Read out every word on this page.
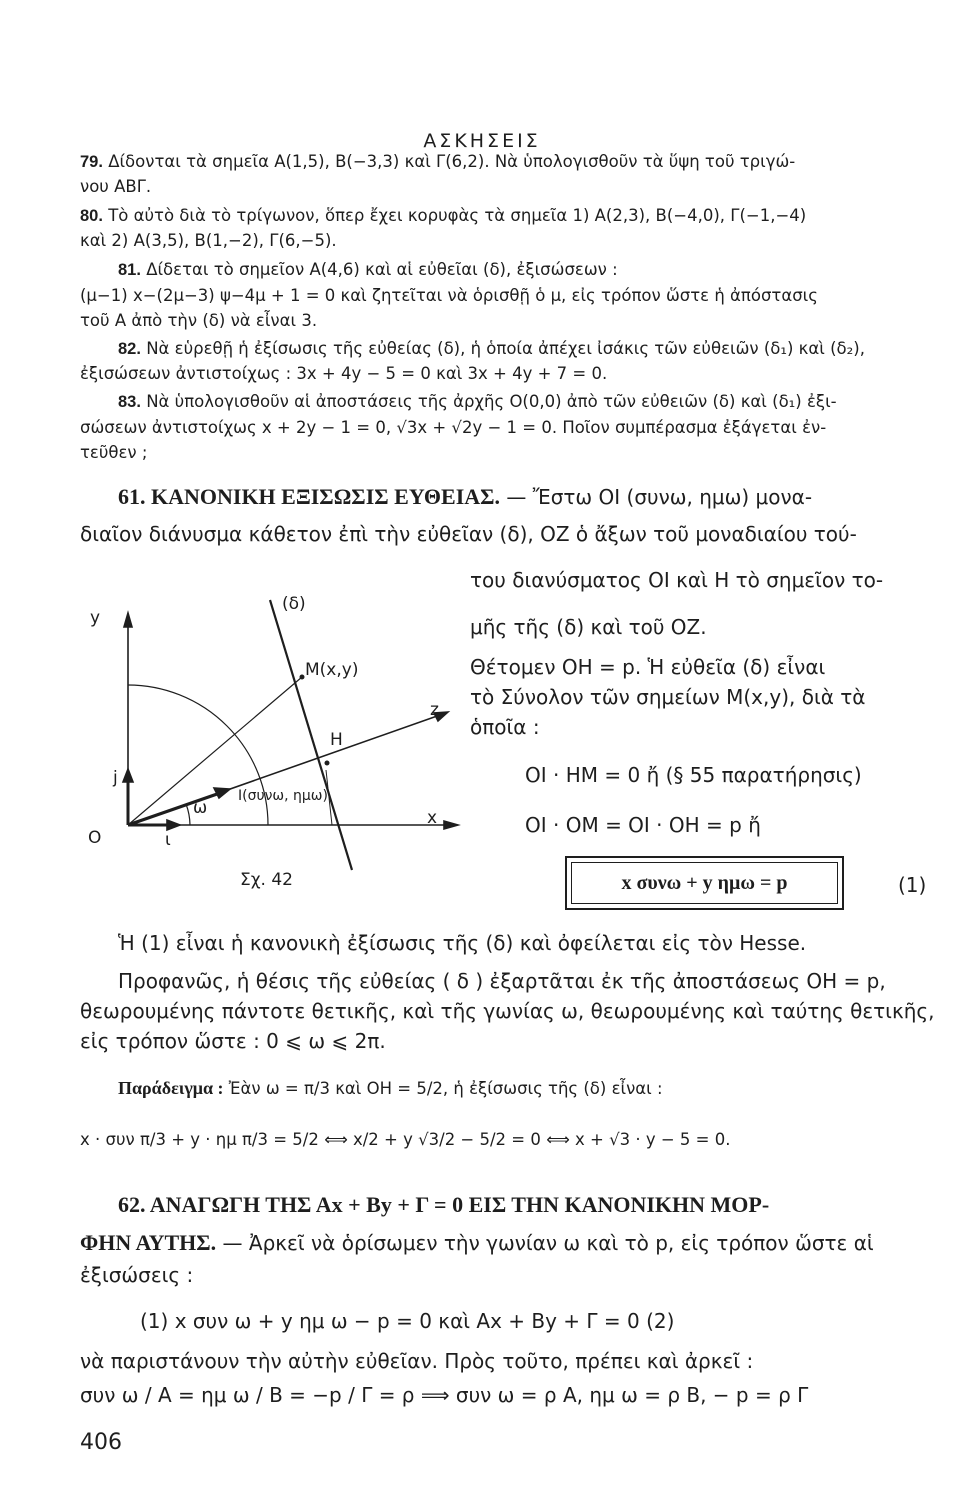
ΑΣΚΗΣΕΙΣ
79. Δίδονται τὰ σημεῖα Α(1,5), Β(−3,3) καὶ Γ(6,2). Νὰ ὑπολογισθοῦν τὰ ὕψη τοῦ τριγώ-
νου ΑΒΓ.
80. Τὸ αὐτὸ διὰ τὸ τρίγωνον, ὅπερ ἔχει κορυφὰς τὰ σημεῖα 1) Α(2,3), Β(−4,0), Γ(−1,−4)
καὶ 2) Α(3,5), Β(1,−2), Γ(6,−5).
81. Δίδεται τὸ σημεῖον Α(4,6) καὶ αἱ εὐθεῖαι (δ), ἐξισώσεων :
(μ−1) x−(2μ−3) ψ−4μ + 1 = 0 καὶ ζητεῖται νὰ ὁρισθῇ ὁ μ, εἰς τρόπον ὥστε ἡ ἀπόστασις
τοῦ Α ἀπὸ τὴν (δ) νὰ εἶναι 3.
82. Νὰ εὑρεθῇ ἡ ἐξίσωσις τῆς εὐθείας (δ), ἡ ὁποία ἀπέχει ἰσάκις τῶν εὐθειῶν (δ₁) καὶ (δ₂),
ἐξισώσεων ἀντιστοίχως : 3x + 4y − 5 = 0 καὶ 3x + 4y + 7 = 0.
83. Νὰ ὑπολογισθοῦν αἱ ἀποστάσεις τῆς ἀρχῆς Ο(0,0) ἀπὸ τῶν εὐθειῶν (δ) καὶ (δ₁) ἐξι-
σώσεων ἀντιστοίχως x + 2y − 1 = 0, √3x + √2y − 1 = 0. Ποῖον συμπέρασμα ἐξάγεται ἐν-
τεῦθεν ;
61. ΚΑΝΟΝΙΚΗ ΕΞΙΣΩΣΙΣ ΕΥΘΕΙΑΣ. — Ἔστω ΟΙ (συνω, ημω) μονα-
διαῖον διάνυσμα κάθετον ἐπὶ τὴν εὐθεῖαν (δ), ΟΖ ὁ ἄξων τοῦ μοναδιαίου τού-
του διανύσματος ΟΙ καὶ Η τὸ σημεῖον το-
μῆς τῆς (δ) καὶ τοῦ ΟΖ.
Θέτομεν ΟΗ = p. Ἡ εὐθεῖα (δ) εἶναι
τὸ Σύνολον τῶν σημείων Μ(x,y), διὰ τὰ
ὁποῖα :
ΟΙ · ΗΜ = 0 ἤ (§ 55 παρατήρησις)
ΟΙ · ΟΜ = ΟΙ · ΟΗ = p ἤ
x συνω + y ημω = p	(1)
y
x
z
(δ)
Μ(x,y)
Η
Ι(συνω, ημω)
Ο
j
ι
ω
Σχ. 42
Ἡ (1) εἶναι ἡ κανονικὴ ἐξίσωσις τῆς (δ) καὶ ὀφείλεται εἰς τὸν Hesse.
Προφανῶς, ἡ θέσις τῆς εὐθείας ( δ ) ἐξαρτᾶται ἐκ τῆς ἀποστάσεως ΟΗ = p,
θεωρουμένης πάντοτε θετικῆς, καὶ τῆς γωνίας ω, θεωρουμένης καὶ ταύτης θετικῆς,
εἰς τρόπον ὥστε : 0 ⩽ ω ⩽ 2π.
Παράδειγμα : Ἐὰν ω = π/3 καὶ ΟΗ = 5/2, ἡ ἐξίσωσις τῆς (δ) εἶναι :
x · συν π/3 + y · ημ π/3 = 5/2 ⟺ x/2 + y √3/2 − 5/2 = 0 ⟺ x + √3 · y − 5 = 0.
62. ΑΝΑΓΩΓΗ ΤΗΣ Αx + Βy + Γ = 0 ΕΙΣ ΤΗΝ ΚΑΝΟΝΙΚΗΝ ΜΟΡ-
ΦΗΝ ΑΥΤΗΣ. — Ἀρκεῖ νὰ ὁρίσωμεν τὴν γωνίαν ω καὶ τὸ p, εἰς τρόπον ὥστε αἱ
ἐξισώσεις :
(1) x συν ω + y ημ ω − p = 0 καὶ Αx + Βy + Γ = 0 (2)
νὰ παριστάνουν τὴν αὐτὴν εὐθεῖαν. Πρὸς τοῦτο, πρέπει καὶ ἀρκεῖ :
συν ω / Α = ημ ω / Β = −p / Γ = ρ ⟹ συν ω = ρ Α, ημ ω = ρ Β, − p = ρ Γ
406
